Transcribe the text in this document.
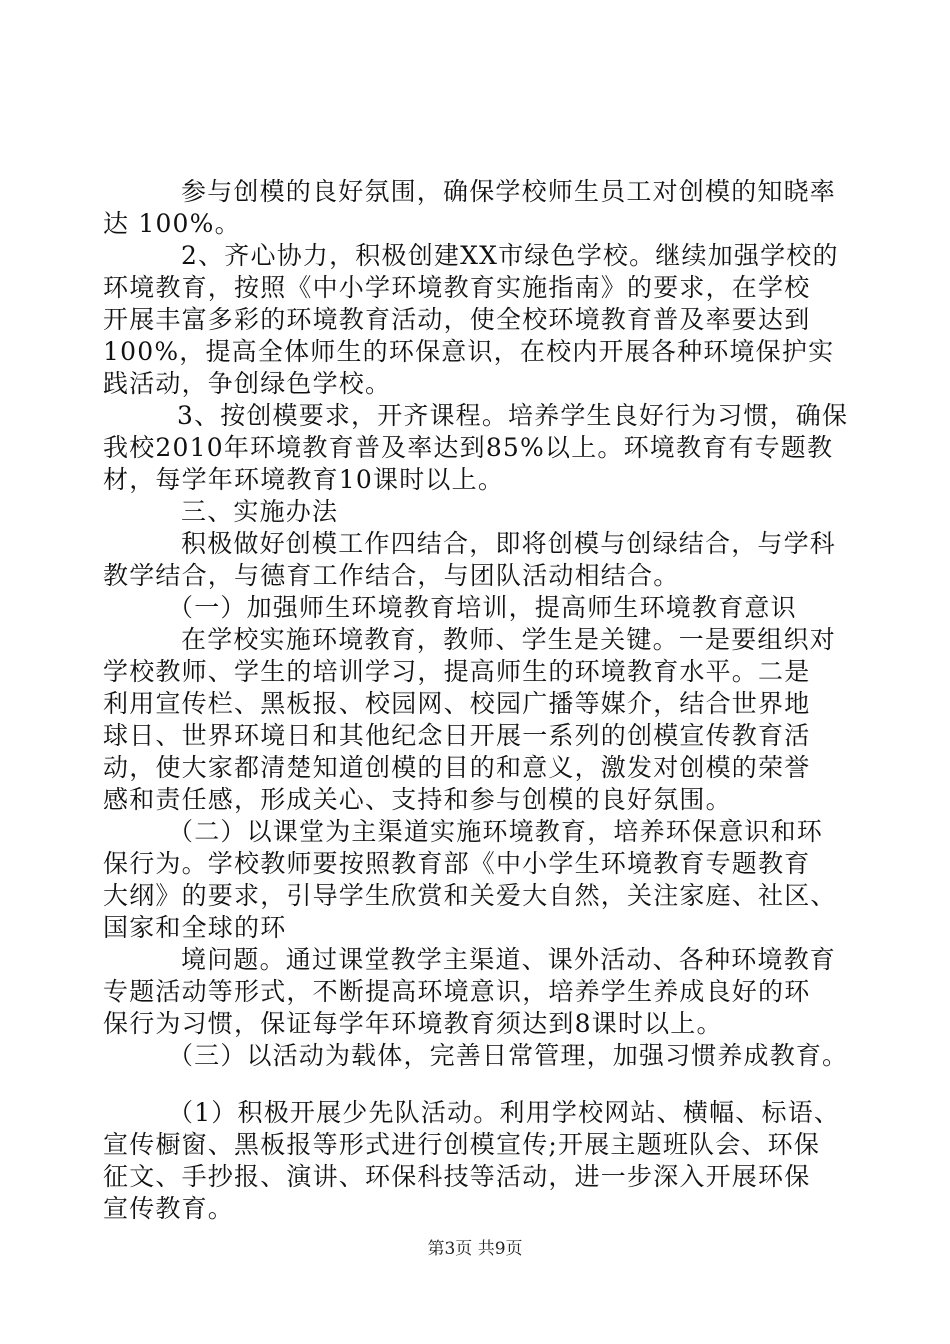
参与创模的良好氛围，确保学校师生员工对创模的知晓率
达 100%。
2、齐心协力，积极创建XX市绿色学校。继续加强学校的
环境教育，按照《中小学环境教育实施指南》的要求，在学校
开展丰富多彩的环境教育活动，使全校环境教育普及率要达到
100%，提高全体师生的环保意识，在校内开展各种环境保护实
践活动，争创绿色学校。
3、按创模要求，开齐课程。培养学生良好行为习惯，确保
我校2010年环境教育普及率达到85%以上。环境教育有专题教
材，每学年环境教育10课时以上。
三、实施办法
积极做好创模工作四结合，即将创模与创绿结合，与学科
教学结合，与德育工作结合，与团队活动相结合。
（一）加强师生环境教育培训，提高师生环境教育意识
在学校实施环境教育，教师、学生是关键。一是要组织对
学校教师、学生的培训学习，提高师生的环境教育水平。二是
利用宣传栏、黑板报、校园网、校园广播等媒介，结合世界地
球日、世界环境日和其他纪念日开展一系列的创模宣传教育活
动，使大家都清楚知道创模的目的和意义，激发对创模的荣誉
感和责任感，形成关心、支持和参与创模的良好氛围。
（二）以课堂为主渠道实施环境教育，培养环保意识和环
保行为。学校教师要按照教育部《中小学生环境教育专题教育
大纲》的要求，引导学生欣赏和关爱大自然，关注家庭、社区、
国家和全球的环
境问题。通过课堂教学主渠道、课外活动、各种环境教育
专题活动等形式，不断提高环境意识，培养学生养成良好的环
保行为习惯，保证每学年环境教育须达到8课时以上。
（三）以活动为载体，完善日常管理，加强习惯养成教育。
（1）积极开展少先队活动。利用学校网站、横幅、标语、
宣传橱窗、黑板报等形式进行创模宣传;开展主题班队会、环保
征文、手抄报、演讲、环保科技等活动，进一步深入开展环保
宣传教育。
第3页 共9页
